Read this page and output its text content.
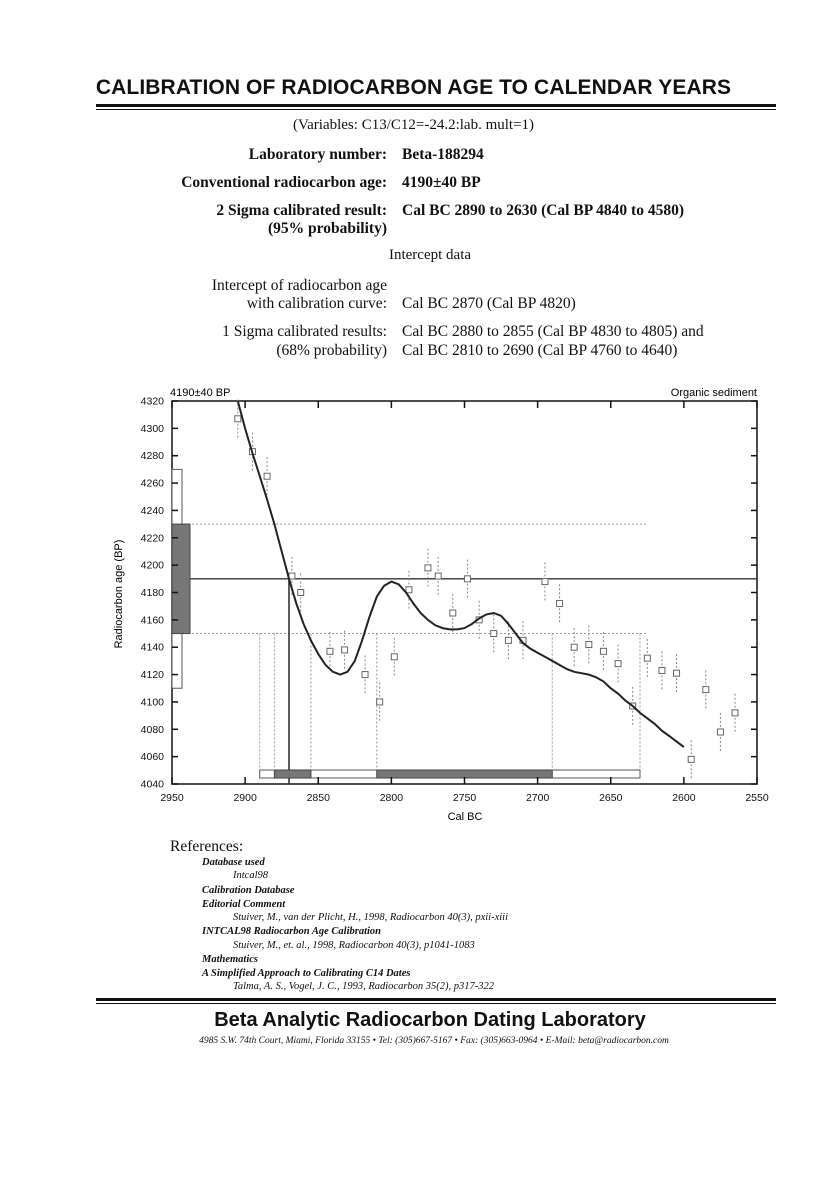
CALIBRATION OF RADIOCARBON AGE TO CALENDAR YEARS
(Variables: C13/C12=-24.2:lab. mult=1)
Laboratory number: Beta-188294
Conventional radiocarbon age: 4190±40 BP
2 Sigma calibrated result:
(95% probability)
Cal BC 2890 to 2630 (Cal BP 4840 to 4580)
Intercept data
Intercept of radiocarbon age
with calibration curve: Cal BC 2870 (Cal BP 4820)
1 Sigma calibrated results:
(68% probability)
Cal BC 2880 to 2855 (Cal BP 4830 to 4805) and
Cal BC 2810 to 2690 (Cal BP 4760 to 4640)
2950	2900	2850	2800	2750	2700	2650	2600	2550
4040
4060
4080
4100
4120
4140
4160
4180
4200
4220
4240
4260
4280
4300
4320
4190±40 BP	Organic sediment
Cal BC
Radiocarbon age (BP)
References:
Database used
Intcal98
Calibration Database
Editorial Comment
Stuiver, M., van der Plicht, H., 1998, Radiocarbon 40(3), pxii-xiii
INTCAL98 Radiocarbon Age Calibration
Stuiver, M., et. al., 1998, Radiocarbon 40(3), p1041-1083
Mathematics
A Simplified Approach to Calibrating C14 Dates
Talma, A. S., Vogel, J. C., 1993, Radiocarbon 35(2), p317-322
Beta Analytic Radiocarbon Dating Laboratory
4985 S.W. 74th Court, Miami, Florida 33155 • Tel: (305)667-5167 • Fax: (305)663-0964 • E-Mail: beta@radiocarbon.com
